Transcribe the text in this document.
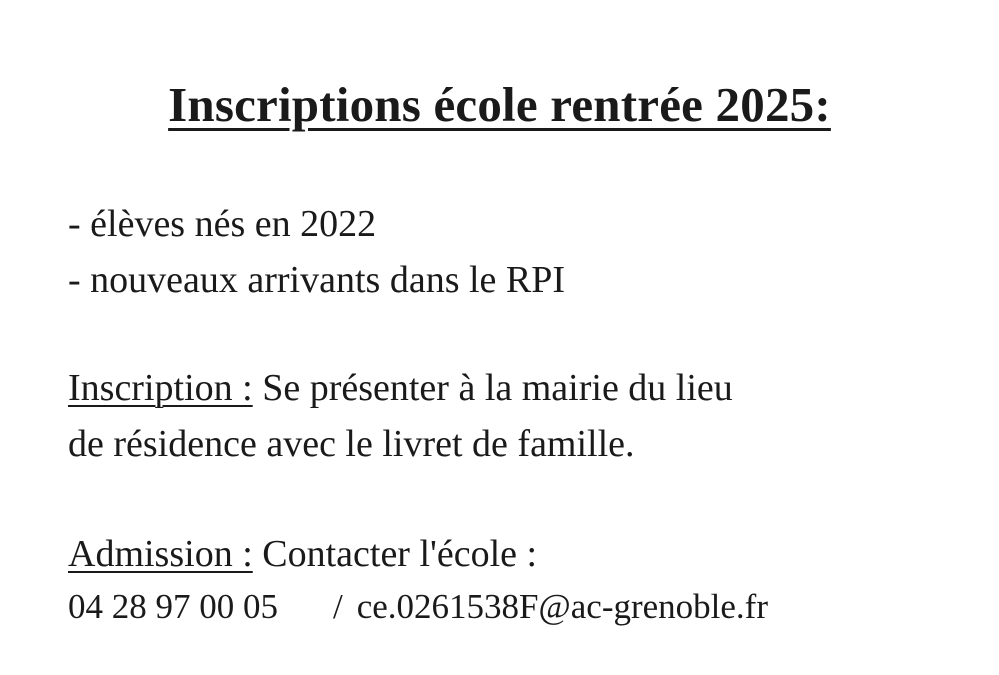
Inscriptions école rentrée 2025:
- élèves nés en 2022
- nouveaux arrivants dans le RPI
Inscription : Se présenter à la mairie du lieu
de résidence avec le livret de famille.
Admission : Contacter l'école :
04 28 97 00 05 / ce.0261538F@ac-grenoble.fr
